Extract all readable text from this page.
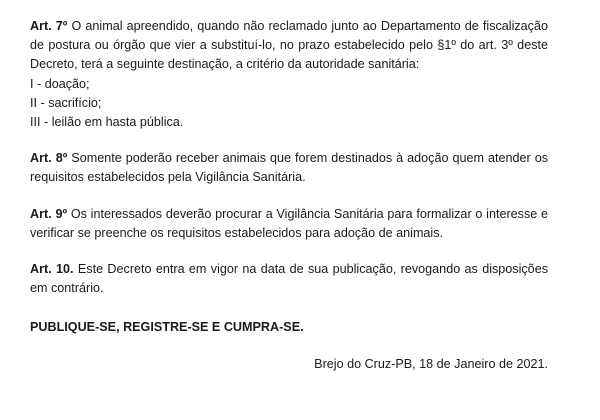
Art. 7º O animal apreendido, quando não reclamado junto ao Departamento de fiscalização de postura ou órgão que vier a substituí-lo, no prazo estabelecido pelo §1º do art. 3º deste Decreto, terá a seguinte destinação, a critério da autoridade sanitária:
I - doação;
II - sacrifício;
III - leilão em hasta pública.

Art. 8º Somente poderão receber animais que forem destinados à adoção quem atender os requisitos estabelecidos pela Vigilância Sanitária.

Art. 9º Os interessados deverão procurar a Vigilância Sanitária para formalizar o interesse e verificar se preenche os requisitos estabelecidos para adoção de animais.

Art. 10. Este Decreto entra em vigor na data de sua publicação, revogando as disposições em contrário.

PUBLIQUE-SE, REGISTRE-SE E CUMPRA-SE.

Brejo do Cruz-PB, 18 de Janeiro de 2021.
